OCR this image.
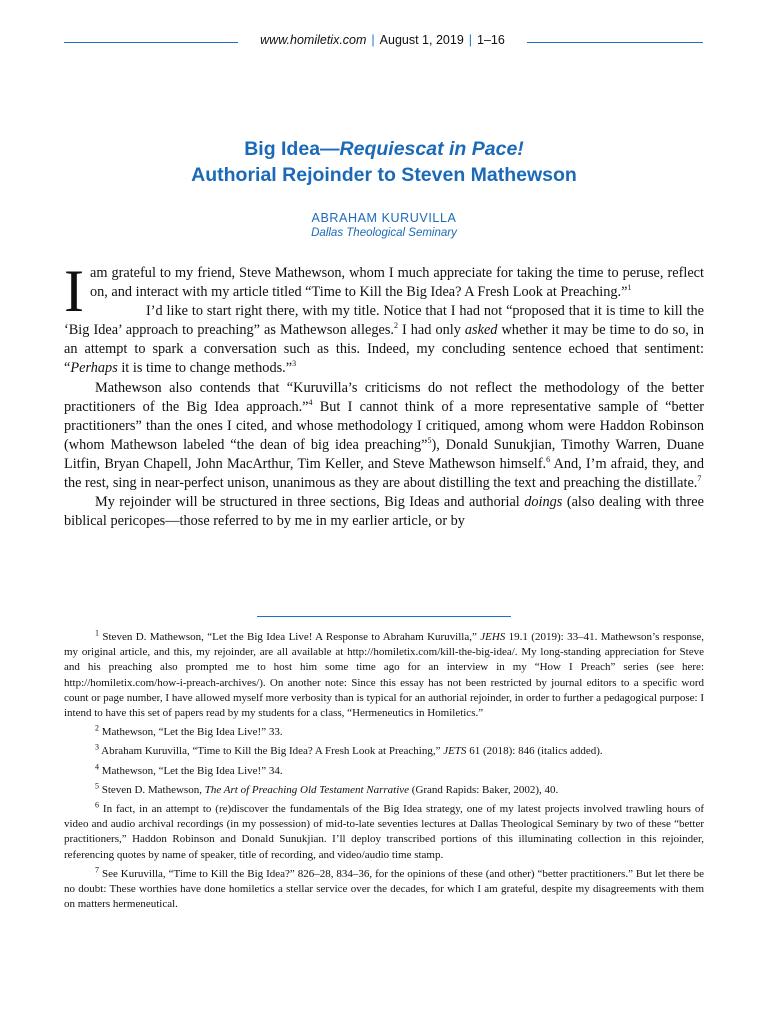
www.homiletix.com | August 1, 2019 | 1–16
Big Idea—Requiescat in Pace!
Authorial Rejoinder to Steven Mathewson
ABRAHAM KURUVILLA
Dallas Theological Seminary

I am grateful to my friend, Steve Mathewson, whom I much appreciate for taking the time to peruse, reflect on, and interact with my article titled “Time to Kill the Big Idea? A Fresh Look at Preaching.”$^1$

I’d like to start right there, with my title. Notice that I had not “proposed that it is time to kill the ‘Big Idea’ approach to preaching” as Mathewson alleges.$^2$ I had only asked whether it may be time to do so, in an attempt to spark a conversation such as this. Indeed, my concluding sentence echoed that sentiment: “Perhaps it is time to change methods.”$^3$

Mathewson also contends that “Kuruvilla’s criticisms do not reflect the methodology of the better practitioners of the Big Idea approach.”$^4$ But I cannot think of a more representative sample of “better practitioners” than the ones I cited, and whose methodology I critiqued, among whom were Haddon Robinson (whom Mathewson labeled “the dean of big idea preaching”$^5$), Donald Sunukjian, Timothy Warren, Duane Litfin, Bryan Chapell, John MacArthur, Tim Keller, and Steve Mathewson himself.$^6$ And, I’m afraid, they, and the rest, sing in near-perfect unison, unanimous as they are about distilling the text and preaching the distillate.$^7$

My rejoinder will be structured in three sections, Big Ideas and authorial doings (also dealing with three biblical pericopes—those referred to by me in my earlier article, or by

$^1$ Steven D. Mathewson, “Let the Big Idea Live! A Response to Abraham Kuruvilla,” JEHS 19.1 (2019): 33–41. Mathewson’s response, my original article, and this, my rejoinder, are all available at http://homiletix.com/kill-the-big-idea/. My long-standing appreciation for Steve and his preaching also prompted me to host him some time ago for an interview in my “How I Preach” series (see here: http://homiletix.com/how-i-preach-archives/). On another note: Since this essay has not been restricted by journal editors to a specific word count or page number, I have allowed myself more verbosity than is typical for an authorial rejoinder, in order to further a pedagogical purpose: I intend to have this set of papers read by my students for a class, “Hermeneutics in Homiletics.”

$^2$ Mathewson, “Let the Big Idea Live!” 33.

$^3$ Abraham Kuruvilla, “Time to Kill the Big Idea? A Fresh Look at Preaching,” JETS 61 (2018): 846 (italics added).

$^4$ Mathewson, “Let the Big Idea Live!” 34.

$^5$ Steven D. Mathewson, The Art of Preaching Old Testament Narrative (Grand Rapids: Baker, 2002), 40.

$^6$ In fact, in an attempt to (re)discover the fundamentals of the Big Idea strategy, one of my latest projects involved trawling hours of video and audio archival recordings (in my possession) of mid-to-late seventies lectures at Dallas Theological Seminary by two of these “better practitioners,” Haddon Robinson and Donald Sunukjian. I’ll deploy transcribed portions of this illuminating collection in this rejoinder, referencing quotes by name of speaker, title of recording, and video/audio time stamp.

$^7$ See Kuruvilla, “Time to Kill the Big Idea?” 826–28, 834–36, for the opinions of these (and other) “better practitioners.” But let there be no doubt: These worthies have done homiletics a stellar service over the decades, for which I am grateful, despite my disagreements with them on matters hermeneutical.
